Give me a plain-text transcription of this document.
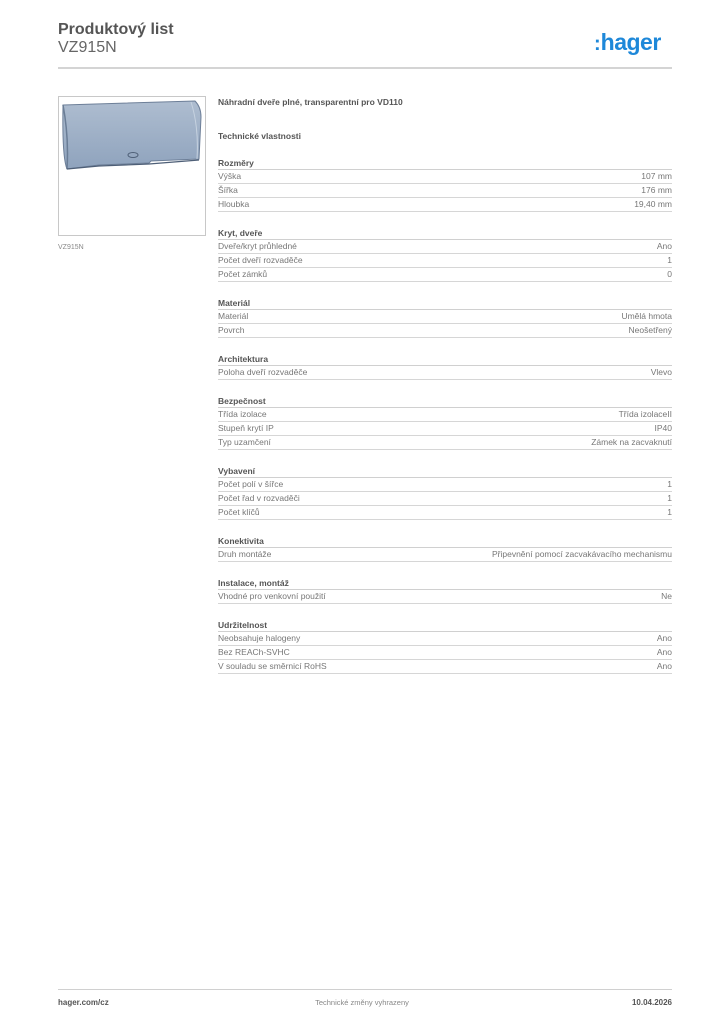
Produktový list
VZ915N	:hager
VZ915N
Náhradní dveře plné, transparentní pro VD110
Technické vlastnosti
Rozměry
Výška	107 mm
Šířka	176 mm
Hloubka	19,40 mm
Kryt, dveře
Dveře/kryt průhledné	Ano
Počet dveří rozvaděče	1
Počet zámků	0
Materiál
Materiál	Umělá hmota
Povrch	Neošetřený
Architektura
Poloha dveří rozvaděče	Vlevo
Bezpečnost
Třída izolace	Třída izolaceII
Stupeň krytí IP	IP40
Typ uzamčení	Zámek na zacvaknutí
Vybavení
Počet polí v šířce	1
Počet řad v rozvaděči	1
Počet klíčů	1
Konektivita
Druh montáže	Připevnění pomocí zacvakávacího mechanismu
Instalace, montáž
Vhodné pro venkovní použití	Ne
Udržitelnost
Neobsahuje halogeny	Ano
Bez REACh-SVHC	Ano
V souladu se směrnicí RoHS	Ano
hager.com/cz	Technické změny vyhrazeny	10.04.2026
